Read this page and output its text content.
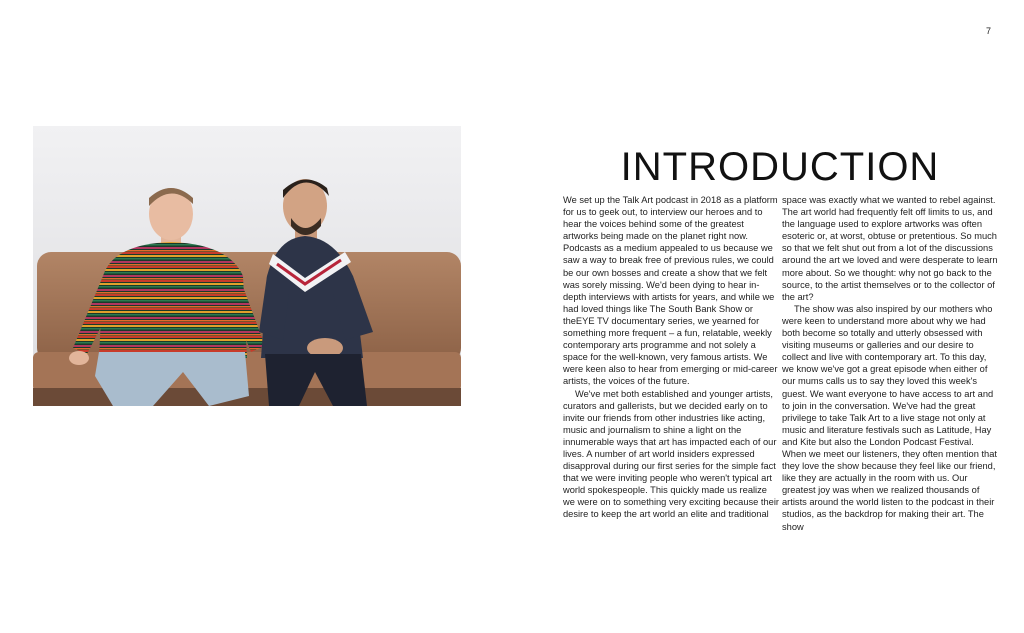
7
INTRODUCTION

We set up the Talk Art podcast in 2018 as a platform for us to geek out, to interview our heroes and to hear the voices behind some of the greatest artworks being made on the planet right now. Podcasts as a medium appealed to us because we saw a way to break free of previous rules, we could be our own bosses and create a show that we felt was sorely missing. We'd been dying to hear in-depth interviews with artists for years, and while we had loved things like The South Bank Show or theEYE TV documentary series, we yearned for something more frequent – a fun, relatable, weekly contemporary arts programme and not solely a space for the well-known, very famous artists. We were keen also to hear from emerging or mid-career artists, the voices of the future.

We've met both established and younger artists, curators and gallerists, but we decided early on to invite our friends from other industries like acting, music and journalism to shine a light on the innumerable ways that art has impacted each of our lives. A number of art world insiders expressed disapproval during our first series for the simple fact that we were inviting people who weren't typical art world spokespeople. This quickly made us realize we were on to something very exciting because their desire to keep the art world an elite and traditional

space was exactly what we wanted to rebel against. The art world had frequently felt off limits to us, and the language used to explore artworks was often esoteric or, at worst, obtuse or pretentious. So much so that we felt shut out from a lot of the discussions around the art we loved and were desperate to learn more about. So we thought: why not go back to the source, to the artist themselves or to the collector of the art?

The show was also inspired by our mothers who were keen to understand more about why we had both become so totally and utterly obsessed with visiting museums or galleries and our desire to collect and live with contemporary art. To this day, we know we've got a great episode when either of our mums calls us to say they loved this week's guest. We want everyone to have access to art and to join in the conversation. We've had the great privilege to take Talk Art to a live stage not only at music and literature festivals such as Latitude, Hay and Kite but also the London Podcast Festival. When we meet our listeners, they often mention that they love the show because they feel like our friend, like they are actually in the room with us. Our greatest joy was when we realized thousands of artists around the world listen to the podcast in their studios, as the backdrop for making their art. The show
